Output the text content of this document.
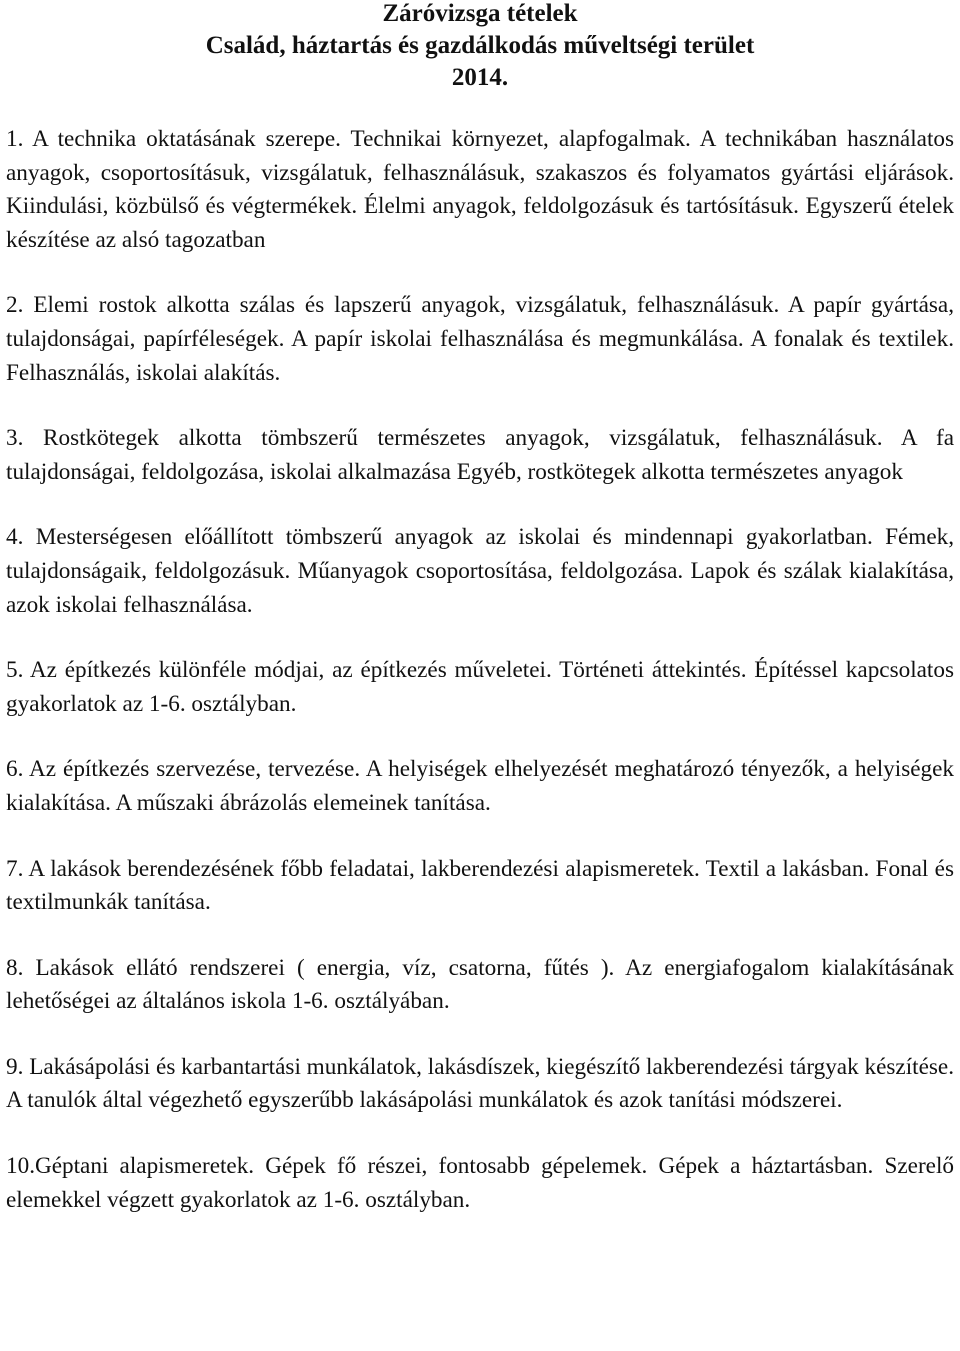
Záróvizsga tételek
Család, háztartás és gazdálkodás műveltségi terület
2014.

1. A technika oktatásának szerepe. Technikai környezet, alapfogalmak. A technikában használatos anyagok, csoportosításuk, vizsgálatuk, felhasználásuk, szakaszos és folyamatos gyártási eljárások. Kiindulási, közbülső és végtermékek. Élelmi anyagok, feldolgozásuk és tartósításuk. Egyszerű ételek készítése az alsó tagozatban

2. Elemi rostok alkotta szálas és lapszerű anyagok, vizsgálatuk, felhasználásuk. A papír gyártása, tulajdonságai, papírféleségek. A papír iskolai felhasználása és megmunkálása. A fonalak és textilek. Felhasználás, iskolai alakítás.

3. Rostkötegek alkotta tömbszerű természetes anyagok, vizsgálatuk, felhasználásuk. A fa tulajdonságai, feldolgozása, iskolai alkalmazása Egyéb, rostkötegek alkotta természetes anyagok

4. Mesterségesen előállított tömbszerű anyagok az iskolai és mindennapi gyakorlatban. Fémek, tulajdonságaik, feldolgozásuk. Műanyagok csoportosítása, feldolgozása. Lapok és szálak kialakítása, azok iskolai felhasználása.

5. Az építkezés különféle módjai, az építkezés műveletei. Történeti áttekintés. Építéssel kapcsolatos gyakorlatok az 1-6. osztályban.

6. Az építkezés szervezése, tervezése. A helyiségek elhelyezését meghatározó tényezők, a helyiségek kialakítása. A műszaki ábrázolás elemeinek tanítása.

7. A lakások berendezésének főbb feladatai, lakberendezési alapismeretek. Textil a lakásban. Fonal és textilmunkák tanítása.

8. Lakások ellátó rendszerei ( energia, víz, csatorna, fűtés ). Az energiafogalom kialakításának lehetőségei az általános iskola 1-6. osztályában.

9. Lakásápolási és karbantartási munkálatok, lakásdíszek, kiegészítő lakberendezési tárgyak készítése. A tanulók által végezhető egyszerűbb lakásápolási munkálatok és azok tanítási módszerei.

10.Géptani alapismeretek. Gépek fő részei, fontosabb gépelemek. Gépek a háztartásban. Szerelő elemekkel végzett gyakorlatok az 1-6. osztályban.
